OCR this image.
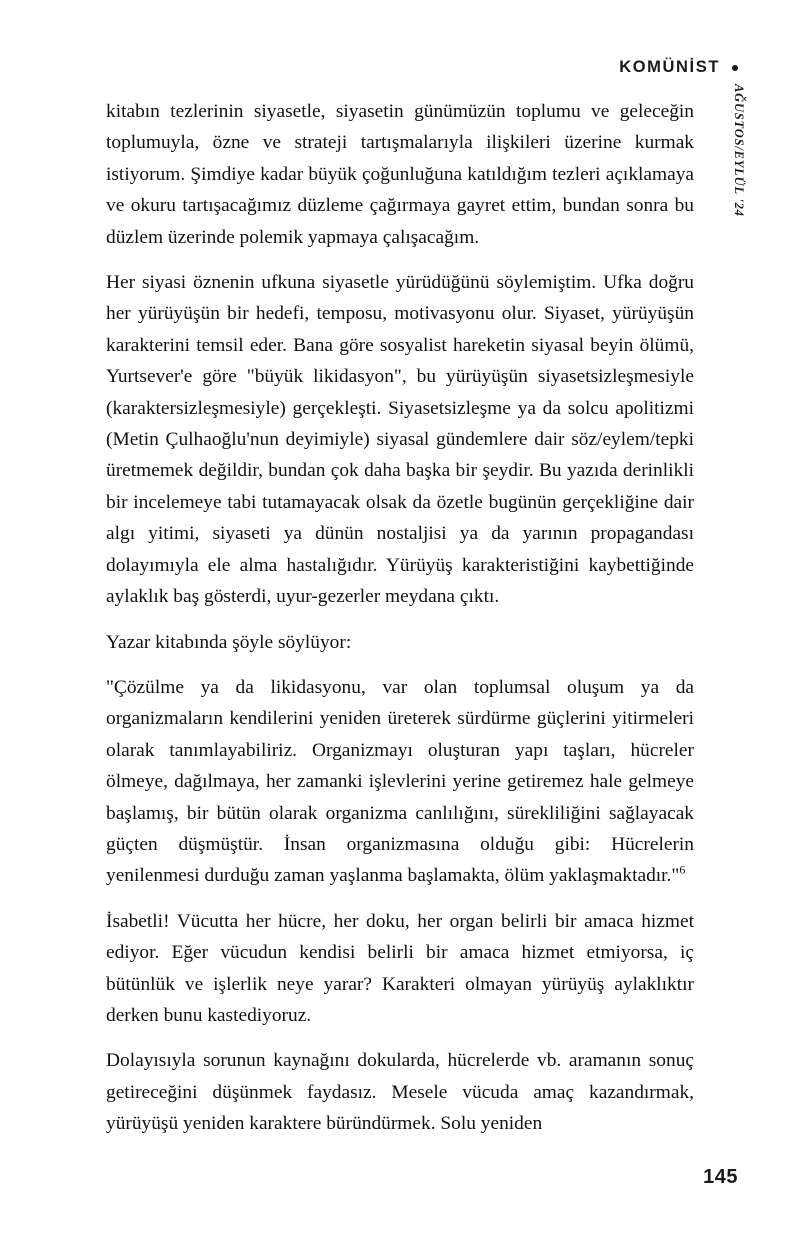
KOMÜNİST
AĞUSTOS/EYLÜL '24

kitabın tezlerinin siyasetle, siyasetin günümüzün toplumu ve geleceğin toplumuyla, özne ve strateji tartışmalarıyla ilişkileri üzerine kurmak istiyorum. Şimdiye kadar büyük çoğunluğuna katıldığım tezleri açıklamaya ve okuru tartışacağımız düzleme çağırmaya gayret ettim, bundan sonra bu düzlem üzerinde polemik yapmaya çalışacağım.

Her siyasi öznenin ufkuna siyasetle yürüdüğünü söylemiştim. Ufka doğru her yürüyüşün bir hedefi, temposu, motivasyonu olur. Siyaset, yürüyüşün karakterini temsil eder. Bana göre sosyalist hareketin siyasal beyin ölümü, Yurtsever'e göre "büyük likidasyon", bu yürüyüşün siyasetsizleşmesiyle (karaktersizleşmesiyle) gerçekleşti. Siyasetsizleşme ya da solcu apolitizmi (Metin Çulhaoğlu'nun deyimiyle) siyasal gündemlere dair söz/eylem/tepki üretmemek değildir, bundan çok daha başka bir şeydir. Bu yazıda derinlikli bir incelemeye tabi tutamayacak olsak da özetle bugünün gerçekliğine dair algı yitimi, siyaseti ya dünün nostaljisi ya da yarının propagandası dolayımıyla ele alma hastalığıdır. Yürüyüş karakteristiğini kaybettiğinde aylaklık baş gösterdi, uyur-gezerler meydana çıktı.

Yazar kitabında şöyle söylüyor:

"Çözülme ya da likidasyonu, var olan toplumsal oluşum ya da organizmaların kendilerini yeniden üreterek sürdürme güçlerini yitirmeleri olarak tanımlayabiliriz. Organizmayı oluşturan yapı taşları, hücreler ölmeye, dağılmaya, her zamanki işlevlerini yerine getiremez hale gelmeye başlamış, bir bütün olarak organizma canlılığını, sürekliliğini sağlayacak güçten düşmüştür. İnsan organizmasına olduğu gibi: Hücrelerin yenilenmesi durduğu zaman yaşlanma başlamakta, ölüm yaklaşmaktadır."$^6$

İsabetli! Vücutta her hücre, her doku, her organ belirli bir amaca hizmet ediyor. Eğer vücudun kendisi belirli bir amaca hizmet etmiyorsa, iç bütünlük ve işlerlik neye yarar? Karakteri olmayan yürüyüş aylaklıktır derken bunu kastediyoruz.

Dolayısıyla sorunun kaynağını dokularda, hücrelerde vb. aramanın sonuç getireceğini düşünmek faydasız. Mesele vücuda amaç kazandırmak, yürüyüşü yeniden karaktere büründürmek. Solu yeniden

145
